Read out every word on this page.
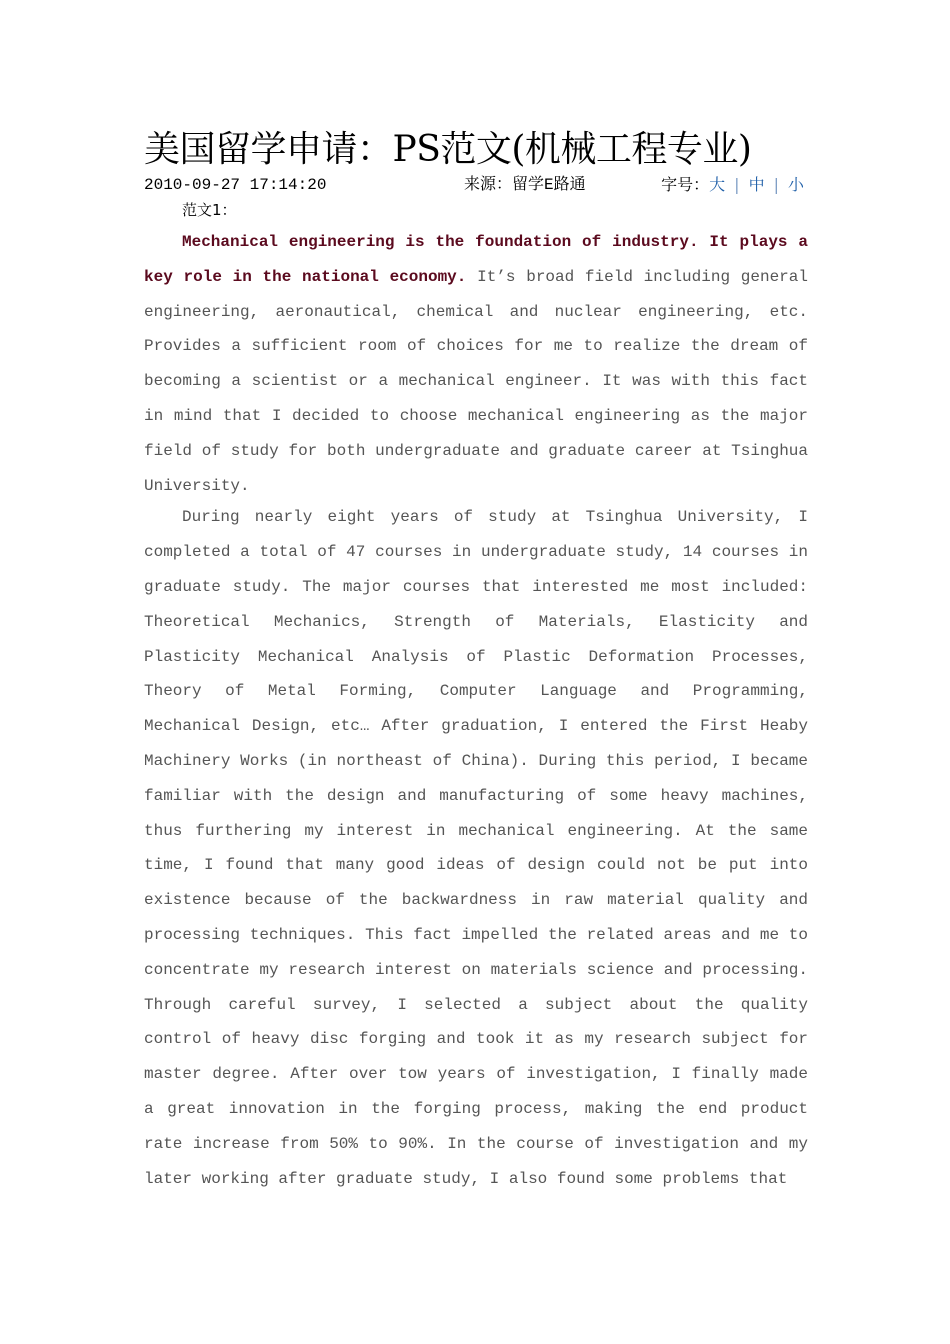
美国留学申请：PS范文(机械工程专业)
2010-09-27 17:14:20	来源：留学E路通	字号：大 | 中 | 小
范文1：

Mechanical engineering is the foundation of industry. It plays a key role in the national economy. It’s broad field including general engineering, aeronautical, chemical and nuclear engineering, etc. Provides a sufficient room of choices for me to realize the dream of becoming a scientist or a mechanical engineer. It was with this fact in mind that I decided to choose mechanical engineering as the major field of study for both undergraduate and graduate career at Tsinghua University.

During nearly eight years of study at Tsinghua University, I completed a total of 47 courses in undergraduate study, 14 courses in graduate study. The major courses that interested me most included: Theoretical Mechanics, Strength of Materials, Elasticity and Plasticity Mechanical Analysis of Plastic Deformation Processes, Theory of Metal Forming, Computer Language and Programming, Mechanical Design, etc… After graduation, I entered the First Heaby Machinery Works (in northeast of China). During this period, I became familiar with the design and manufacturing of some heavy machines, thus furthering my interest in mechanical engineering. At the same time, I found that many good ideas of design could not be put into existence because of the backwardness in raw material quality and processing techniques. This fact impelled the related areas and me to concentrate my research interest on materials science and processing. Through careful survey, I selected a subject about the quality control of heavy disc forging and took it as my research subject for master degree. After over tow years of investigation, I finally made a great innovation in the forging process, making the end product rate increase from 50% to 90%. In the course of investigation and my later working after graduate study, I also found some problems that
